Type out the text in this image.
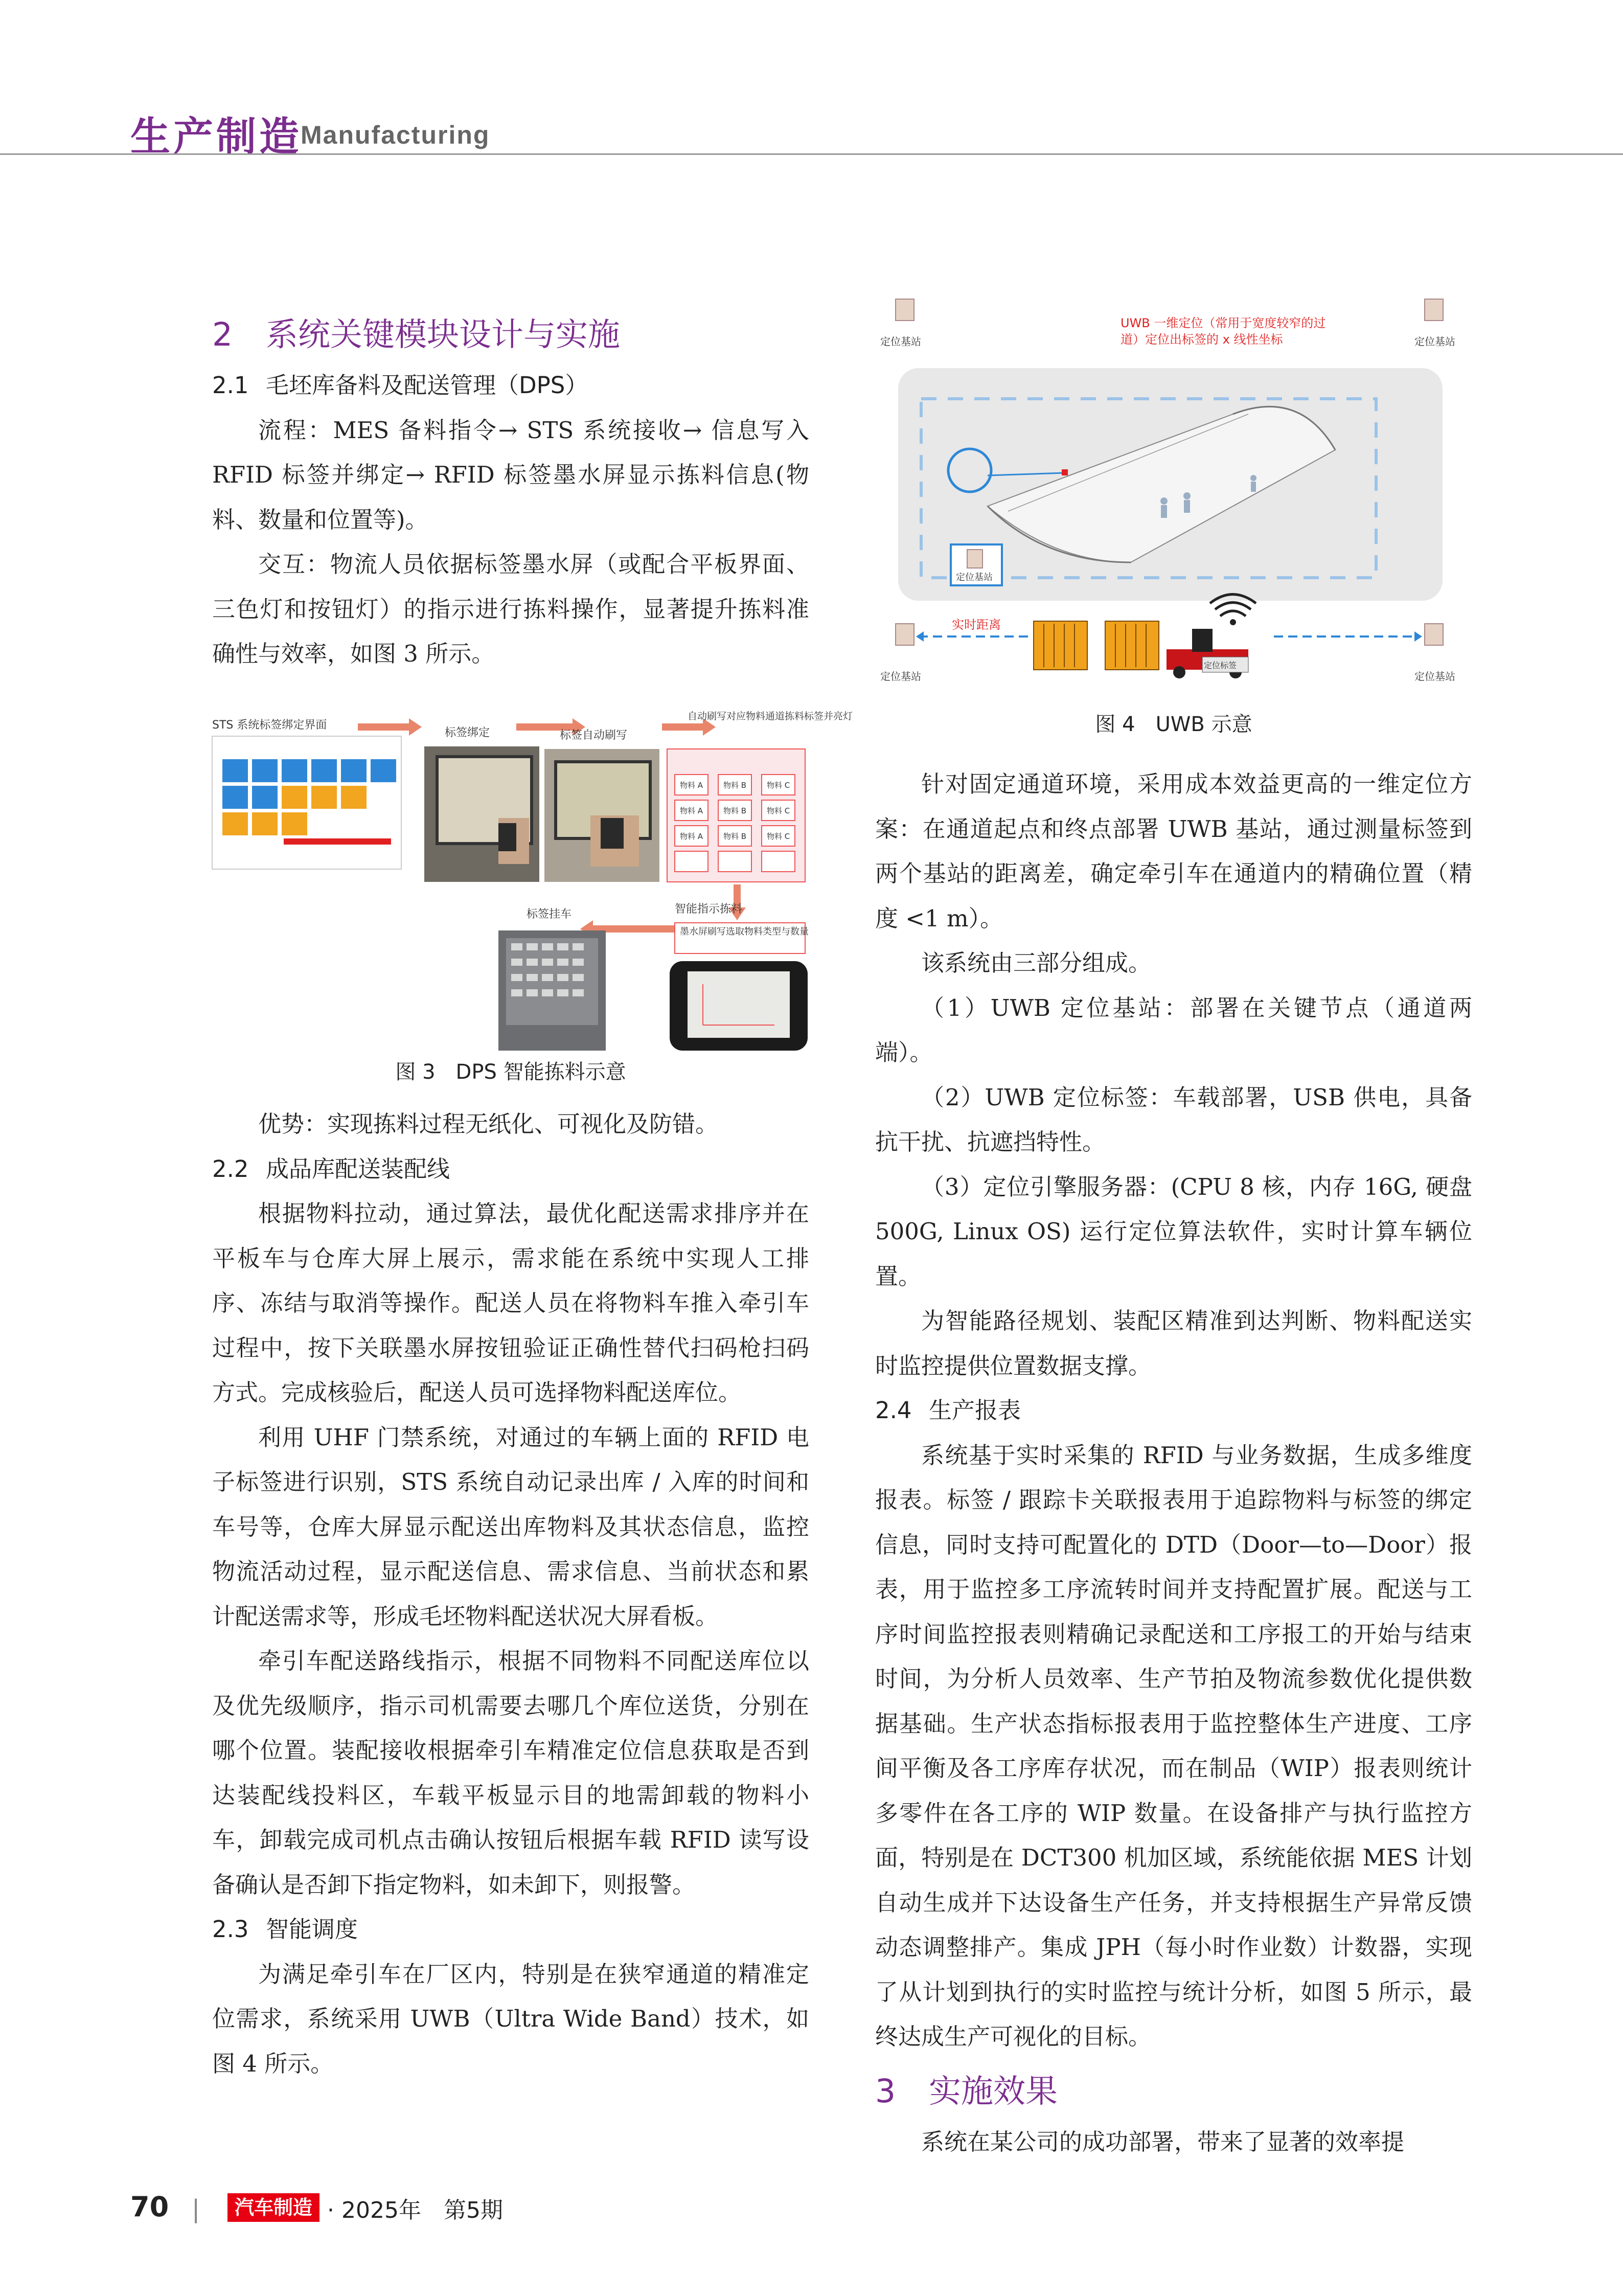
生产制造
Manufacturing
2 系统关键模块设计与实施
2.1 毛坯库备料及配送管理（DPS）

流程：MES 备料指令→ STS 系统接收→ 信息写入 RFID 标签并绑定→ RFID 标签墨水屏显示拣料信息(物料、数量和位置等)。

交互：物流人员依据标签墨水屏（或配合平板界面、三色灯和按钮灯）的指示进行拣料操作，显著提升拣料准确性与效率，如图 3 所示。

STS 系统标签绑定界面
标签绑定	标签自动刷写
自动刷写对应物料通道拣料标签并亮灯
物料 A	物料 B	物料 C
物料 A	物料 B	物料 C
物料 A	物料 B	物料 C
标签挂车	智能指示拣料
墨水屏刷写选取物料类型与数量
图 3　DPS 智能拣料示意

优势：实现拣料过程无纸化、可视化及防错。

2.2 成品库配送装配线

根据物料拉动，通过算法，最优化配送需求排序并在平板车与仓库大屏上展示，需求能在系统中实现人工排序、冻结与取消等操作。配送人员在将物料车推入牵引车过程中，按下关联墨水屏按钮验证正确性替代扫码枪扫码方式。完成核验后，配送人员可选择物料配送库位。

利用 UHF 门禁系统，对通过的车辆上面的 RFID 电子标签进行识别，STS 系统自动记录出库 / 入库的时间和车号等，仓库大屏显示配送出库物料及其状态信息，监控物流活动过程，显示配送信息、需求信息、当前状态和累计配送需求等，形成毛坯物料配送状况大屏看板。

牵引车配送路线指示，根据不同物料不同配送库位以及优先级顺序，指示司机需要去哪几个库位送货，分别在哪个位置。装配接收根据牵引车精准定位信息获取是否到达装配线投料区，车载平板显示目的地需卸载的物料小车，卸载完成司机点击确认按钮后根据车载 RFID 读写设备确认是否卸下指定物料，如未卸下，则报警。

2.3 智能调度

为满足牵引车在厂区内，特别是在狭窄通道的精准定位需求，系统采用 UWB（Ultra Wide Band）技术，如图 4 所示。

定位基站	定位基站
UWB 一维定位（常用于宽度较窄的过 道）定位出标签的 x 线性坐标
定位基站
定位基站
实时距离
定位标签
定位基站
图 4　UWB 示意

针对固定通道环境，采用成本效益更高的一维定位方案：在通道起点和终点部署 UWB 基站，通过测量标签到两个基站的距离差，确定牵引车在通道内的精确位置（精度 <1 m）。

该系统由三部分组成。

（1）UWB 定位基站：部署在关键节点（通道两端）。

（2）UWB 定位标签：车载部署，USB 供电，具备抗干扰、抗遮挡特性。

（3）定位引擎服务器：(CPU 8 核，内存 16G, 硬盘 500G, Linux OS) 运行定位算法软件，实时计算车辆位置。

为智能路径规划、装配区精准到达判断、物料配送实时监控提供位置数据支撑。

2.4 生产报表

系统基于实时采集的 RFID 与业务数据，生成多维度报表。标签 / 跟踪卡关联报表用于追踪物料与标签的绑定信息，同时支持可配置化的 DTD（Door—to—Door）报表，用于监控多工序流转时间并支持配置扩展。配送与工序时间监控报表则精确记录配送和工序报工的开始与结束时间，为分析人员效率、生产节拍及物流参数优化提供数据基础。生产状态指标报表用于监控整体生产进度、工序间平衡及各工序库存状况，而在制品（WIP）报表则统计多零件在各工序的 WIP 数量。在设备排产与执行监控方面，特别是在 DCT300 机加区域，系统能依据 MES 计划自动生成并下达设备生产任务，并支持根据生产异常反馈动态调整排产。集成 JPH（每小时作业数）计数器，实现了从计划到执行的实时监控与统计分析，如图 5 所示，最终达成生产可视化的目标。

3 实施效果

系统在某公司的成功部署，带来了显著的效率提

70 |	汽车制造业
· 2025年　第5期
